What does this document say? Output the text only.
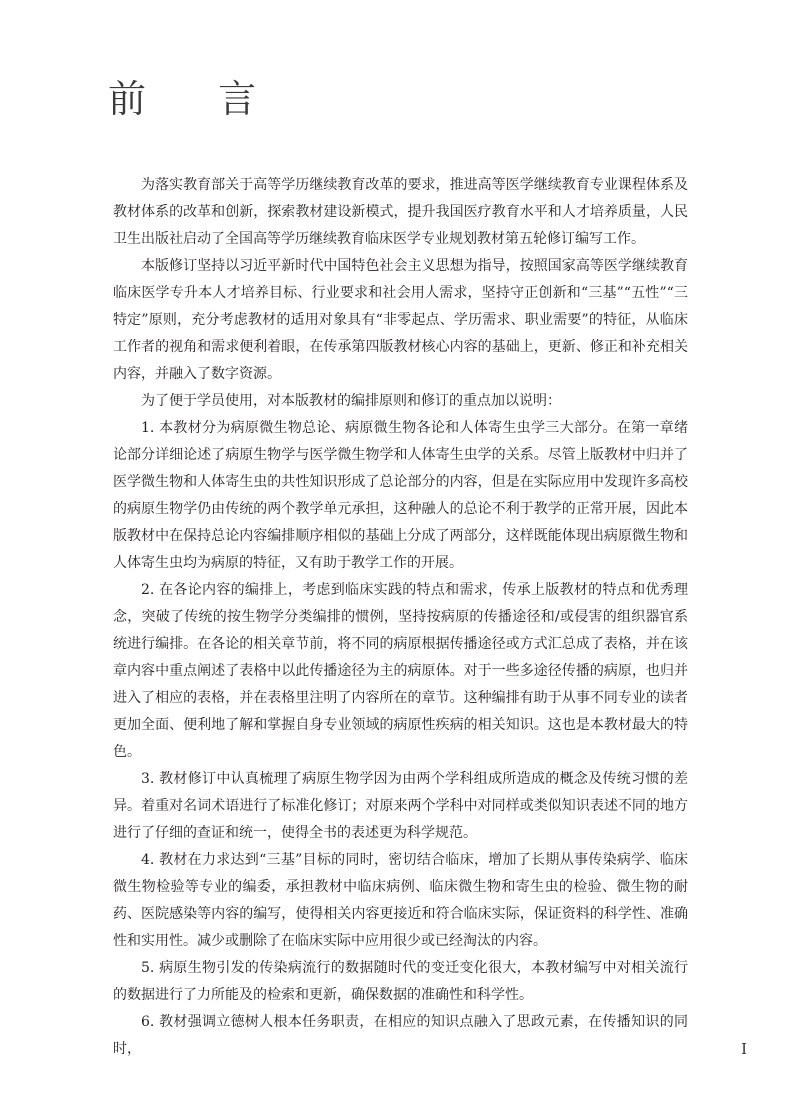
前 言

为落实教育部关于高等学历继续教育改革的要求，推进高等医学继续教育专业课程体系及教材体系的改革和创新，探索教材建设新模式，提升我国医疗教育水平和人才培养质量，人民卫生出版社启动了全国高等学历继续教育临床医学专业规划教材第五轮修订编写工作。

本版修订坚持以习近平新时代中国特色社会主义思想为指导，按照国家高等医学继续教育临床医学专升本人才培养目标、行业要求和社会用人需求，坚持守正创新和“三基”“五性”“三特定”原则，充分考虑教材的适用对象具有“非零起点、学历需求、职业需要”的特征，从临床工作者的视角和需求便利着眼，在传承第四版教材核心内容的基础上，更新、修正和补充相关内容，并融入了数字资源。

为了便于学员使用，对本版教材的编排原则和修订的重点加以说明：

1. 本教材分为病原微生物总论、病原微生物各论和人体寄生虫学三大部分。在第一章绪论部分详细论述了病原生物学与医学微生物学和人体寄生虫学的关系。尽管上版教材中归并了医学微生物和人体寄生虫的共性知识形成了总论部分的内容，但是在实际应用中发现许多高校的病原生物学仍由传统的两个教学单元承担，这种融人的总论不利于教学的正常开展，因此本版教材中在保持总论内容编排顺序相似的基础上分成了两部分，这样既能体现出病原微生物和人体寄生虫均为病原的特征，又有助于教学工作的开展。

2. 在各论内容的编排上，考虑到临床实践的特点和需求，传承上版教材的特点和优秀理念，突破了传统的按生物学分类编排的惯例，坚持按病原的传播途径和/或侵害的组织器官系统进行编排。在各论的相关章节前，将不同的病原根据传播途径或方式汇总成了表格，并在该章内容中重点阐述了表格中以此传播途径为主的病原体。对于一些多途径传播的病原，也归并进入了相应的表格，并在表格里注明了内容所在的章节。这种编排有助于从事不同专业的读者更加全面、便利地了解和掌握自身专业领域的病原性疾病的相关知识。这也是本教材最大的特色。

3. 教材修订中认真梳理了病原生物学因为由两个学科组成所造成的概念及传统习惯的差异。着重对名词术语进行了标准化修订；对原来两个学科中对同样或类似知识表述不同的地方进行了仔细的查证和统一，使得全书的表述更为科学规范。

4. 教材在力求达到“三基”目标的同时，密切结合临床，增加了长期从事传染病学、临床微生物检验等专业的编委，承担教材中临床病例、临床微生物和寄生虫的检验、微生物的耐药、医院感染等内容的编写，使得相关内容更接近和符合临床实际，保证资料的科学性、准确性和实用性。减少或删除了在临床实际中应用很少或已经淘汰的内容。

5. 病原生物引发的传染病流行的数据随时代的变迁变化很大，本教材编写中对相关流行的数据进行了力所能及的检索和更新，确保数据的准确性和科学性。

6. 教材强调立德树人根本任务职责，在相应的知识点融入了思政元素，在传播知识的同时，	I
